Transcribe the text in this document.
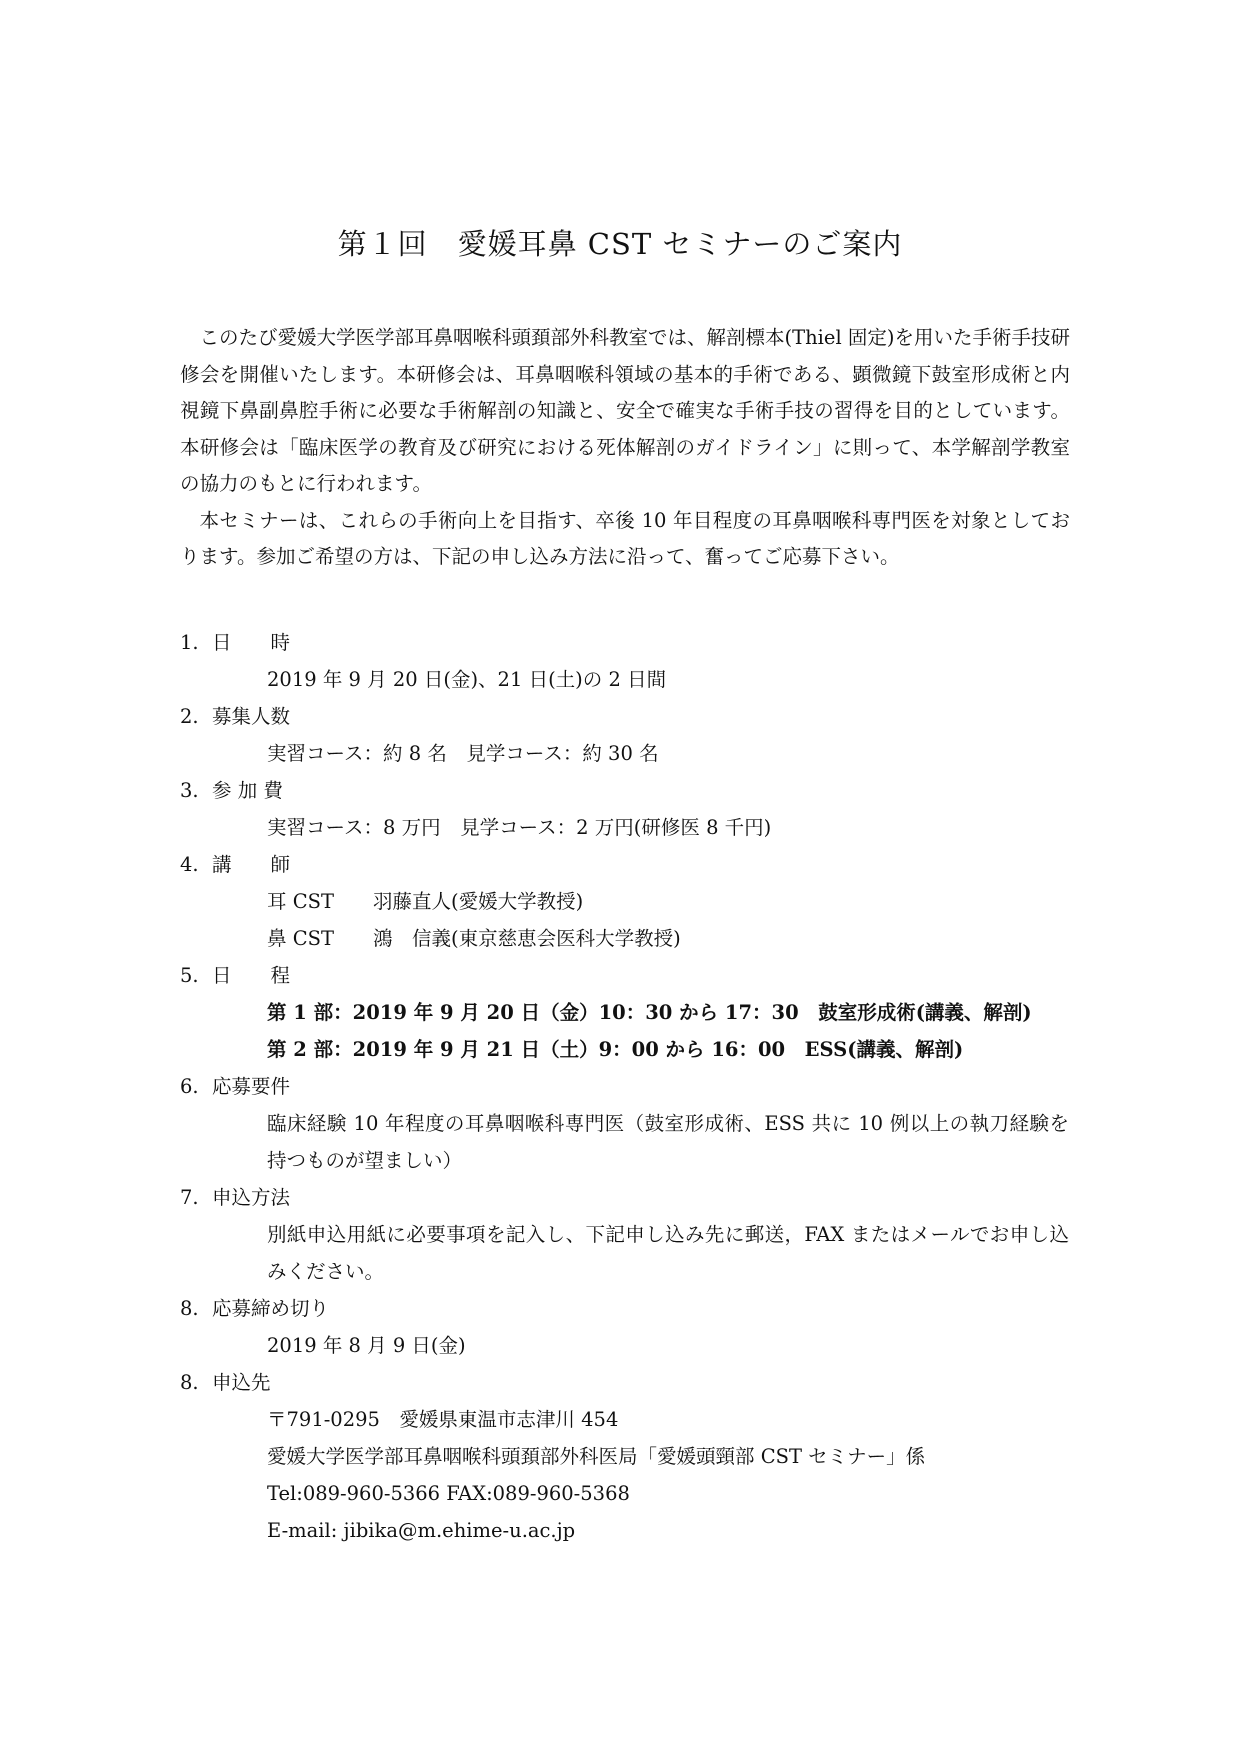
第１回　愛媛耳鼻 CST セミナーのご案内

このたび愛媛大学医学部耳鼻咽喉科頭頚部外科教室では、解剖標本(Thiel 固定)を用いた手術手技研修会を開催いたします。本研修会は、耳鼻咽喉科領域の基本的手術である、顕微鏡下鼓室形成術と内視鏡下鼻副鼻腔手術に必要な手術解剖の知識と、安全で確実な手術手技の習得を目的としています。本研修会は「臨床医学の教育及び研究における死体解剖のガイドライン」に則って、本学解剖学教室の協力のもとに行われます。

本セミナーは、これらの手術向上を目指す、卒後 10 年目程度の耳鼻咽喉科専門医を対象としております。参加ご希望の方は、下記の申し込み方法に沿って、奮ってご応募下さい。

1. 日　　時
2019 年 9 月 20 日(金)、21 日(土)の 2 日間
2. 募集人数
実習コース：約 8 名　見学コース：約 30 名
3. 参 加 費
実習コース：8 万円　見学コース：2 万円(研修医 8 千円)
4. 講　　師
耳 CST　　羽藤直人(愛媛大学教授)
鼻 CST　　鴻　信義(東京慈恵会医科大学教授)
5. 日　　程
第 1 部：2019 年 9 月 20 日（金）10：30 から 17：30　鼓室形成術(講義、解剖)
第 2 部：2019 年 9 月 21 日（土）9：00 から 16：00　ESS(講義、解剖)
6. 応募要件
臨床経験 10 年程度の耳鼻咽喉科専門医（鼓室形成術、ESS 共に 10 例以上の執刀経験を持つものが望ましい）
7. 申込方法
別紙申込用紙に必要事項を記入し、下記申し込み先に郵送，FAX またはメールでお申し込みください。
8. 応募締め切り
2019 年 8 月 9 日(金)
8. 申込先
〒791-0295　愛媛県東温市志津川 454
愛媛大学医学部耳鼻咽喉科頭頚部外科医局「愛媛頭頸部 CST セミナー」係
Tel:089-960-5366 FAX:089-960-5368
E-mail: jibika@m.ehime-u.ac.jp
